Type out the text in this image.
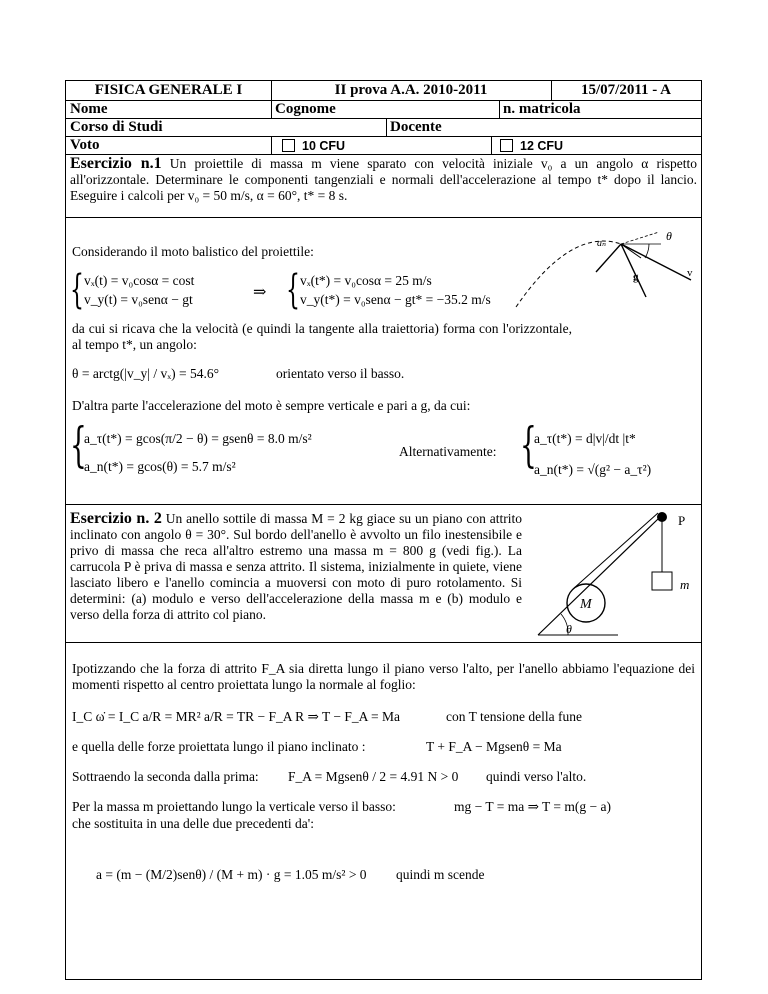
FISICA GENERALE I	II prova A.A. 2010-2011	15/07/2011 - A
Nome	Cognome	n. matricola
Corso di Studi	Docente
Voto	10 CFU	12 CFU
Esercizio n.1 Un proiettile di massa m viene sparato con velocità iniziale v₀ a un angolo α rispetto all'orizzontale. Determinare le componenti tangenziali e normali dell'accelerazione al tempo t* dopo il lancio. Eseguire i calcoli per v₀ = 50 m/s, α = 60°, t* = 8 s.
Considerando il moto balistico del proiettile:
{ vₓ(t) = v₀cosα = cost
v_y(t) = v₀senα − gt	⇒ { vₓ(t*) = v₀cosα = 25 m/s
v_y(t*) = v₀senα − gt* = −35.2 m/s
aₙ
θ
v
g
da cui si ricava che la velocità (e quindi la tangente alla traiettoria) forma con l'orizzontale, al tempo t*, un angolo:
θ = arctg(|v_y| / vₓ) = 54.6°	orientato verso il basso.
D'altra parte l'accelerazione del moto è sempre verticale e pari a g, da cui:
{
a_τ(t*) = gcos(π/2 − θ) = gsenθ = 8.0 m/s²
a_n(t*) = gcos(θ) = 5.7 m/s²
Alternativamente: {
a_τ(t*) = d|v|/dt |t*
a_n(t*) = √(g² − a_τ²)
Esercizio n. 2 Un anello sottile di massa M = 2 kg giace su un piano con attrito inclinato con angolo θ = 30°. Sul bordo dell'anello è avvolto un filo inestensibile e privo di massa che reca all'altro estremo una massa m = 800 g (vedi fig.). La carrucola P è priva di massa e senza attrito. Il sistema, inizialmente in quiete, viene lasciato libero e l'anello comincia a muoversi con moto di puro rotolamento. Si determini: (a) modulo e verso dell'accelerazione della massa m e (b) modulo e verso della forza di attrito col piano.
P
M
m
θ
Ipotizzando che la forza di attrito F_A sia diretta lungo il piano verso l'alto, per l'anello abbiamo l'equazione dei momenti rispetto al centro proiettata lungo la normale al foglio:
I_C ω̇ = I_C a/R = MR² a/R = TR − F_A R ⇒ T − F_A = Ma	con T tensione della fune
e quella delle forze proiettata lungo il piano inclinato :	T + F_A − Mgsenθ = Ma
Sottraendo la seconda dalla prima: F_A = Mgsenθ / 2 = 4.91 N > 0 quindi verso l'alto.
Per la massa m proiettando lungo la verticale verso il basso:	mg − T = ma ⇒ T = m(g − a)
che sostituita in una delle due precedenti da':
a = (m − (M/2)senθ) / (M + m) · g = 1.05 m/s² > 0 quindi m scende
